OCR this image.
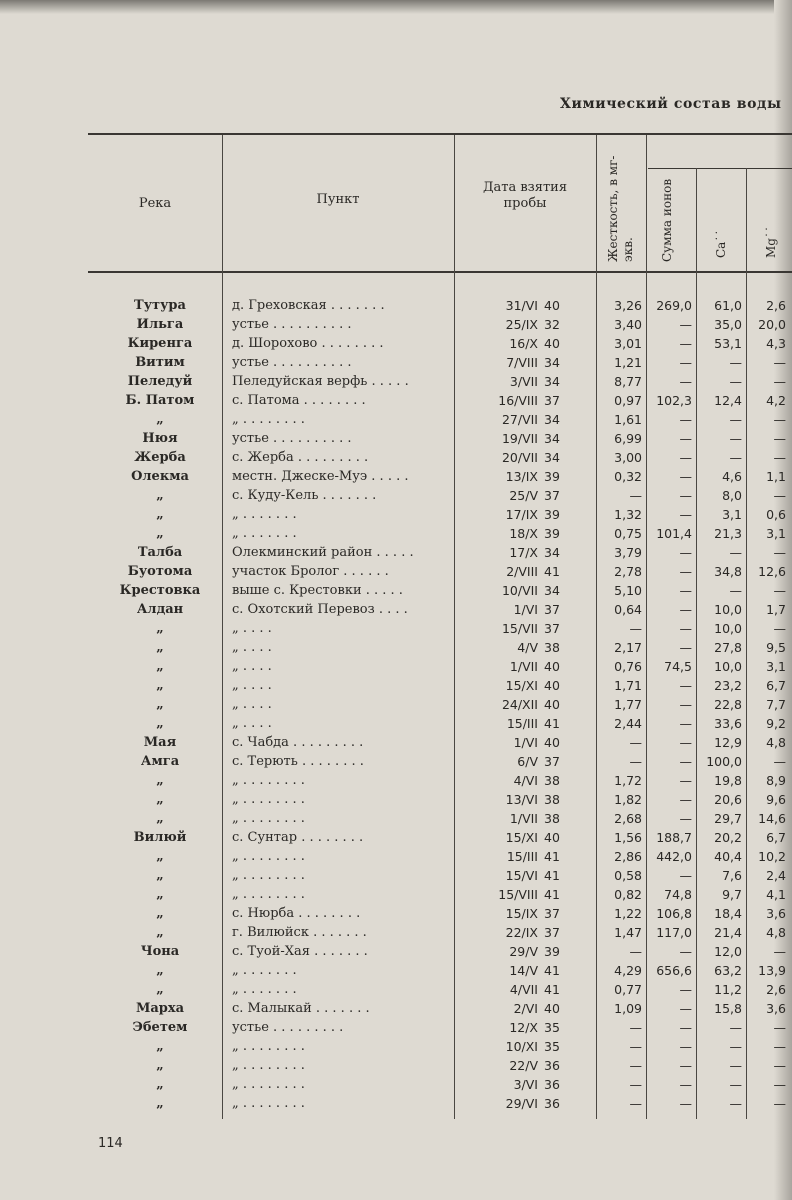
Химический состав воды
Река	Пункт
Дата взятия пробы	Жесткость, в мг-экв. Сумма ионов	Ca˙˙	Mg˙˙
Тутура	д. Греховская . . . . . . .	31/VI 40	3,26	269,0	61,0	2,6
Ильга	устье . . . . . . . . . .	25/IX 32	3,40	—	35,0	20,0
Киренга	д. Шорохово . . . . . . . .	16/X 40	3,01	—	53,1	4,3
Витим	устье . . . . . . . . . .	7/VIII 34	1,21	—	—	—
Пеледуй	Пеледуйская верфь . . . . .	3/VII 34	8,77	—	—	—
Б. Патом	с. Патома . . . . . . . .	16/VIII 37	0,97	102,3	12,4	4,2
„	„ . . . . . . . .	27/VII 34	1,61	—	—	—
Нюя	устье . . . . . . . . . .	19/VII 34	6,99	—	—	—
Жерба	с. Жерба . . . . . . . . .	20/VII 34	3,00	—	—	—
Олекма	местн. Джеске-Муэ . . . . .	13/IX 39	0,32	—	4,6	1,1
„	с. Куду-Кель . . . . . . .	25/V 37	—	—	8,0	—
„	„ . . . . . . .	17/IX 39	1,32	—	3,1	0,6
„	„ . . . . . . .	18/X 39	0,75	101,4	21,3	3,1
Талба	Олекминский район . . . . .	17/X 34	3,79	—	—	—
Буотома	участок Бролог . . . . . .	2/VIII 41	2,78	—	34,8	12,6
Крестовка	выше с. Крестовки . . . . .	10/VII 34	5,10	—	—	—
Алдан	с. Охотский Перевоз . . . .	1/VI 37	0,64	—	10,0	1,7
„	„ . . . .	15/VII 37	—	—	10,0	—
„	„ . . . .	4/V 38	2,17	—	27,8	9,5
„	„ . . . .	1/VII 40	0,76	74,5	10,0	3,1
„	„ . . . .	15/XI 40	1,71	—	23,2	6,7
„	„ . . . .	24/XII 40	1,77	—	22,8	7,7
„	„ . . . .	15/III 41	2,44	—	33,6	9,2
Мая	с. Чабда . . . . . . . . .	1/VI 40	—	—	12,9	4,8
Амга	с. Терють . . . . . . . .	6/V 37	—	—	100,0	—
„	„ . . . . . . . .	4/VI 38	1,72	—	19,8	8,9
„	„ . . . . . . . .	13/VI 38	1,82	—	20,6	9,6
„	„ . . . . . . . .	1/VII 38	2,68	—	29,7	14,6
Вилюй	с. Сунтар . . . . . . . .	15/XI 40	1,56	188,7	20,2	6,7
„	„ . . . . . . . .	15/III 41	2,86	442,0	40,4	10,2
„	„ . . . . . . . .	15/VI 41	0,58	—	7,6	2,4
„	„ . . . . . . . .	15/VIII 41	0,82	74,8	9,7	4,1
„	с. Нюрба . . . . . . . .	15/IX 37	1,22	106,8	18,4	3,6
„	г. Вилюйск . . . . . . .	22/IX 37	1,47	117,0	21,4	4,8
Чона	с. Туой-Хая . . . . . . .	29/V 39	—	—	12,0	—
„	„ . . . . . . .	14/V 41	4,29	656,6	63,2	13,9
„	„ . . . . . . .	4/VII 41	0,77	—	11,2	2,6
Марха	с. Малыкай . . . . . . .	2/VI 40	1,09	—	15,8	3,6
Эбетем	устье . . . . . . . . .	12/X 35	—	—	—	—
„	„ . . . . . . . .	10/XI 35	—	—	—	—
„	„ . . . . . . . .	22/V 36	—	—	—	—
„	„ . . . . . . . .	3/VI 36	—	—	—	—
„	„ . . . . . . . .	29/VI 36	—	—	—	—
114
